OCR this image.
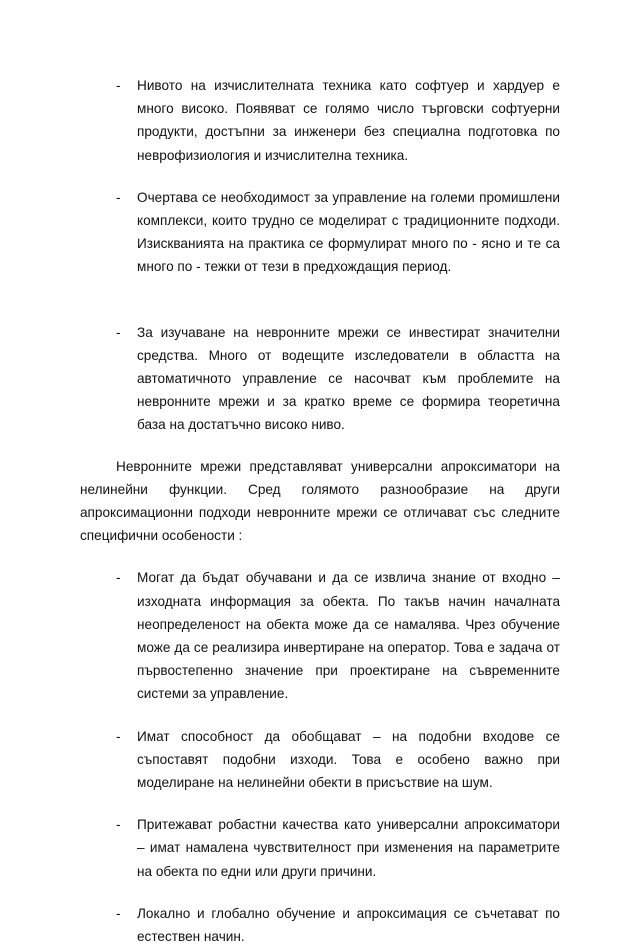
- Нивото на изчислителната техника като софтуер и хардуер е много високо. Появяват се голямо число търговски софтуерни продукти, достъпни за инженери без специална подготовка по неврофизиология и изчислителна техника.
- Очертава се необходимост за управление на големи промишлени комплекси, които трудно се моделират с традиционните подходи. Изискванията на практика се формулират много по - ясно и те са много по - тежки от тези в предхождащия период.
- За изучаване на невронните мрежи се инвестират значителни средства. Много от водещите изследователи в областта на автоматичното управление се насочват към проблемите на невронните мрежи и за кратко време се формира теоретична база на достатъчно високо ниво.
Невронните мрежи представляват универсални апроксиматори на нелинейни функции. Сред голямото разнообразие на други апроксимационни подходи невронните мрежи се отличават със следните специфични особености :
- Могат да бъдат обучавани и да се извлича знание от входно – изходната информация за обекта. По такъв начин началната неопределеност на обекта може да се намалява. Чрез обучение може да се реализира инвертиране на оператор. Това е задача от първостепенно значение при проектиране на съвременните системи за управление.
- Имат способност да обобщават – на подобни входове се съпоставят подобни изходи. Това е особено важно при моделиране на нелинейни обекти в присъствие на шум.
- Притежават робастни качества като универсални апроксиматори – имат намалена чувствителност при изменения на параметрите на обекта по едни или други причини.
- Локално и глобално обучение и апроксимация се съчетават по естествен начин.
